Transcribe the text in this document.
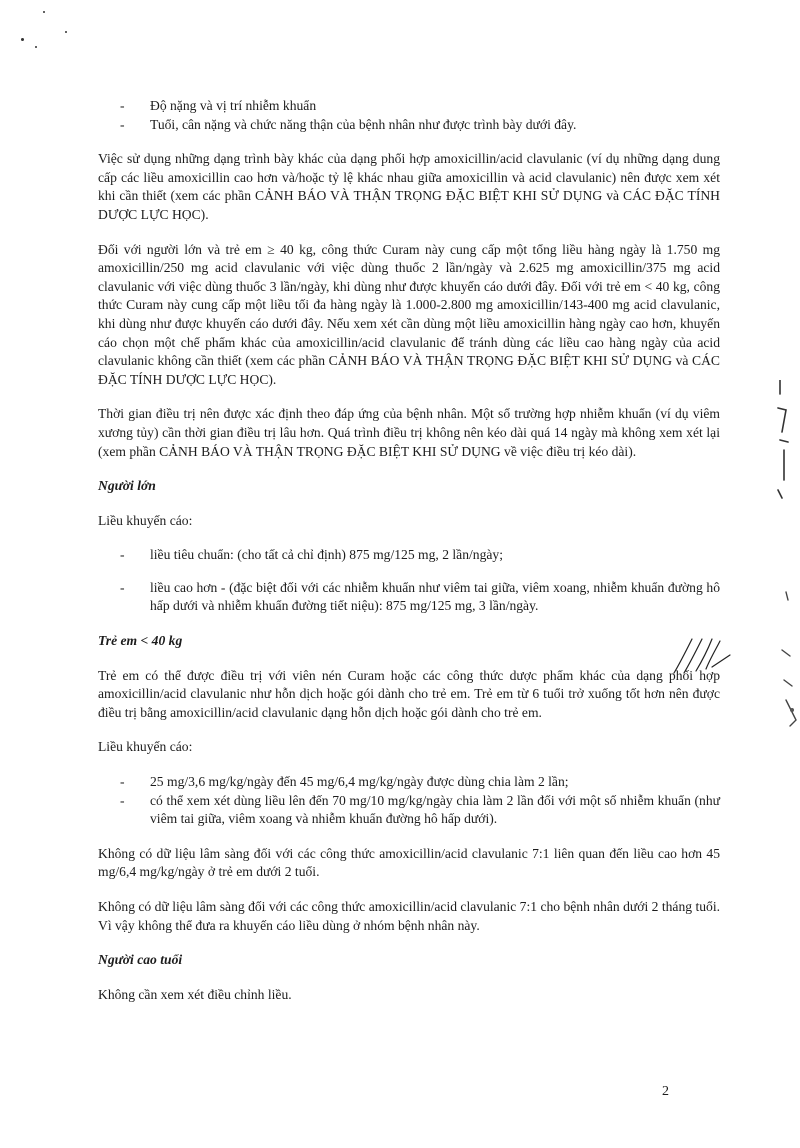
- Độ nặng và vị trí nhiễm khuẩn
- Tuổi, cân nặng và chức năng thận của bệnh nhân như được trình bày dưới đây.

Việc sử dụng những dạng trình bày khác của dạng phối hợp amoxicillin/acid clavulanic (ví dụ những dạng dung cấp các liều amoxicillin cao hơn và/hoặc tỷ lệ khác nhau giữa amoxicillin và acid clavulanic) nên được xem xét khi cần thiết (xem các phần CẢNH BÁO VÀ THẬN TRỌNG ĐẶC BIỆT KHI SỬ DỤNG và CÁC ĐẶC TÍNH DƯỢC LỰC HỌC).

Đối với người lớn và trẻ em ≥ 40 kg, công thức Curam này cung cấp một tổng liều hàng ngày là 1.750 mg amoxicillin/250 mg acid clavulanic với việc dùng thuốc 2 lần/ngày và 2.625 mg amoxicillin/375 mg acid clavulanic với việc dùng thuốc 3 lần/ngày, khi dùng như được khuyến cáo dưới đây. Đối với trẻ em < 40 kg, công thức Curam này cung cấp một liều tối đa hàng ngày là 1.000-2.800 mg amoxicillin/143-400 mg acid clavulanic, khi dùng như được khuyến cáo dưới đây. Nếu xem xét cần dùng một liều amoxicillin hàng ngày cao hơn, khuyến cáo chọn một chế phẩm khác của amoxicillin/acid clavulanic để tránh dùng các liều cao hàng ngày của acid clavulanic không cần thiết (xem các phần CẢNH BÁO VÀ THẬN TRỌNG ĐẶC BIỆT KHI SỬ DỤNG và CÁC ĐẶC TÍNH DƯỢC LỰC HỌC).

Thời gian điều trị nên được xác định theo đáp ứng của bệnh nhân. Một số trường hợp nhiễm khuẩn (ví dụ viêm xương tủy) cần thời gian điều trị lâu hơn. Quá trình điều trị không nên kéo dài quá 14 ngày mà không xem xét lại (xem phần CẢNH BÁO VÀ THẬN TRỌNG ĐẶC BIỆT KHI SỬ DỤNG về việc điều trị kéo dài).

Người lớn

Liều khuyến cáo:

- liều tiêu chuẩn: (cho tất cả chỉ định) 875 mg/125 mg, 2 lần/ngày;
- liều cao hơn - (đặc biệt đối với các nhiễm khuẩn như viêm tai giữa, viêm xoang, nhiễm khuẩn đường hô hấp dưới và nhiễm khuẩn đường tiết niệu): 875 mg/125 mg, 3 lần/ngày.

Trẻ em < 40 kg

Trẻ em có thể được điều trị với viên nén Curam hoặc các công thức dược phẩm khác của dạng phối hợp amoxicillin/acid clavulanic như hỗn dịch hoặc gói dành cho trẻ em. Trẻ em từ 6 tuổi trở xuống tốt hơn nên được điều trị bằng amoxicillin/acid clavulanic dạng hỗn dịch hoặc gói dành cho trẻ em.

Liều khuyến cáo:

- 25 mg/3,6 mg/kg/ngày đến 45 mg/6,4 mg/kg/ngày được dùng chia làm 2 lần;
- có thể xem xét dùng liều lên đến 70 mg/10 mg/kg/ngày chia làm 2 lần đối với một số nhiễm khuẩn (như viêm tai giữa, viêm xoang và nhiễm khuẩn đường hô hấp dưới).

Không có dữ liệu lâm sàng đối với các công thức amoxicillin/acid clavulanic 7:1 liên quan đến liều cao hơn 45 mg/6,4 mg/kg/ngày ở trẻ em dưới 2 tuổi.

Không có dữ liệu lâm sàng đối với các công thức amoxicillin/acid clavulanic 7:1 cho bệnh nhân dưới 2 tháng tuổi. Vì vậy không thể đưa ra khuyến cáo liều dùng ở nhóm bệnh nhân này.

Người cao tuổi

Không cần xem xét điều chỉnh liều.

2
